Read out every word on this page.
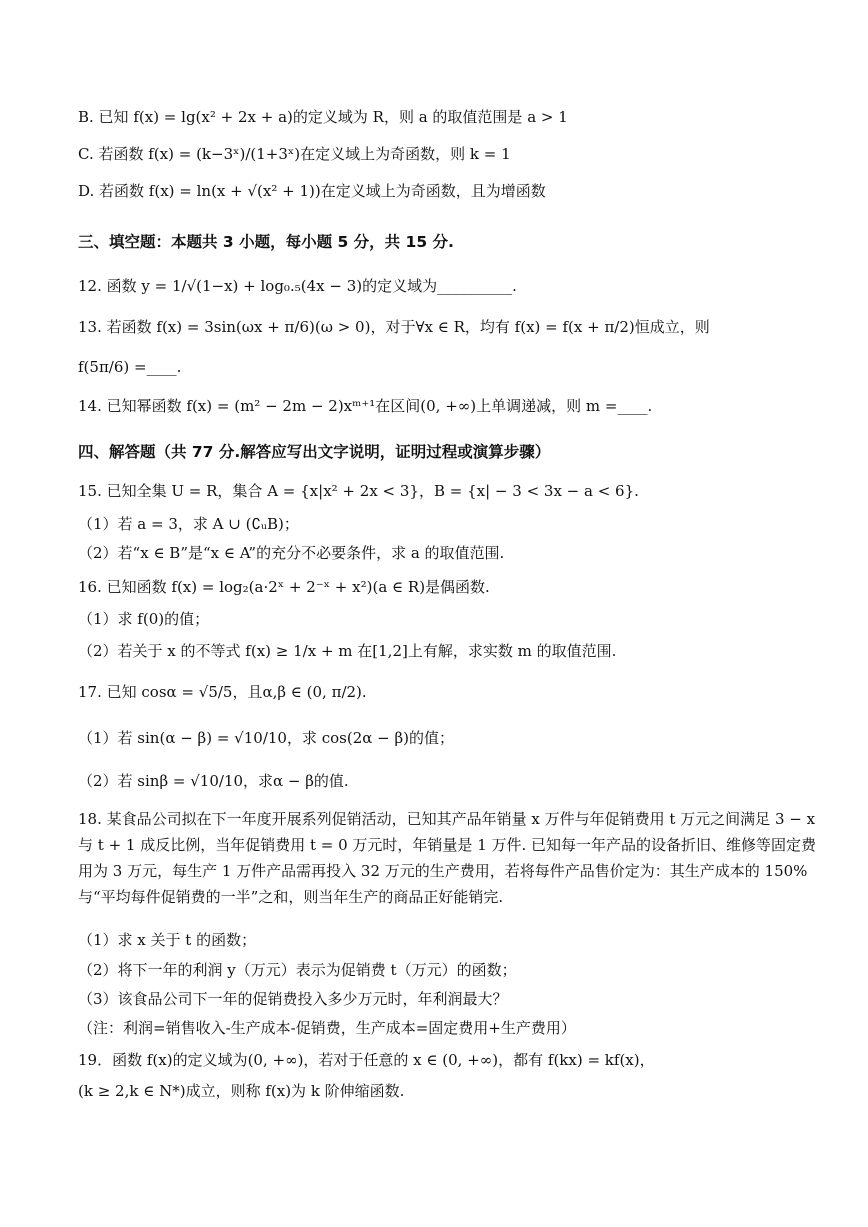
B. 已知 f(x) = lg(x² + 2x + a)的定义域为 R，则 a 的取值范围是 a > 1
C. 若函数 f(x) = (k−3ˣ)/(1+3ˣ)在定义域上为奇函数，则 k = 1
D. 若函数 f(x) = ln(x + √(x² + 1))在定义域上为奇函数，且为增函数
三、填空题：本题共 3 小题，每小题 5 分，共 15 分.
12. 函数 y = 1/√(1−x) + log₀.₅(4x − 3)的定义域为__________.
13. 若函数 f(x) = 3sin(ωx + π/6)(ω > 0)，对于∀x ∈ R，均有 f(x) = f(x + π/2)恒成立，则
f(5π/6) =____.
14. 已知幂函数 f(x) = (m² − 2m − 2)xᵐ⁺¹在区间(0, +∞)上单调递减，则 m =____.
四、解答题（共 77 分.解答应写出文字说明，证明过程或演算步骤）
15. 已知全集 U = R，集合 A = {x|x² + 2x < 3}，B = {x| − 3 < 3x − a < 6}.
（1）若 a = 3，求 A ∪ (∁ᵤB)；
（2）若“x ∈ B”是“x ∈ A”的充分不必要条件，求 a 的取值范围.
16. 已知函数 f(x) = log₂(a·2ˣ + 2⁻ˣ + x²)(a ∈ R)是偶函数.
（1）求 f(0)的值；
（2）若关于 x 的不等式 f(x) ≥ 1/x + m 在[1,2]上有解，求实数 m 的取值范围.
17. 已知 cosα = √5/5，且α,β ∈ (0, π/2).
（1）若 sin(α − β) = √10/10，求 cos(2α − β)的值；
（2）若 sinβ = √10/10，求α − β的值.
18. 某食品公司拟在下一年度开展系列促销活动，已知其产品年销量 x 万件与年促销费用 t 万元之间满足 3 − x 与 t + 1 成反比例，当年促销费用 t = 0 万元时，年销量是 1 万件. 已知每一年产品的设备折旧、维修等固定费用为 3 万元，每生产 1 万件产品需再投入 32 万元的生产费用，若将每件产品售价定为：其生产成本的 150%与“平均每件促销费的一半”之和，则当年生产的商品正好能销完.
（1）求 x 关于 t 的函数；
（2）将下一年的利润 y（万元）表示为促销费 t（万元）的函数；
（3）该食品公司下一年的促销费投入多少万元时，年利润最大？
（注：利润=销售收入-生产成本-促销费，生产成本=固定费用+生产费用）
19．函数 f(x)的定义域为(0, +∞)，若对于任意的 x ∈ (0, +∞)，都有 f(kx) = kf(x)，
(k ≥ 2,k ∈ N*)成立，则称 f(x)为 k 阶伸缩函数.
